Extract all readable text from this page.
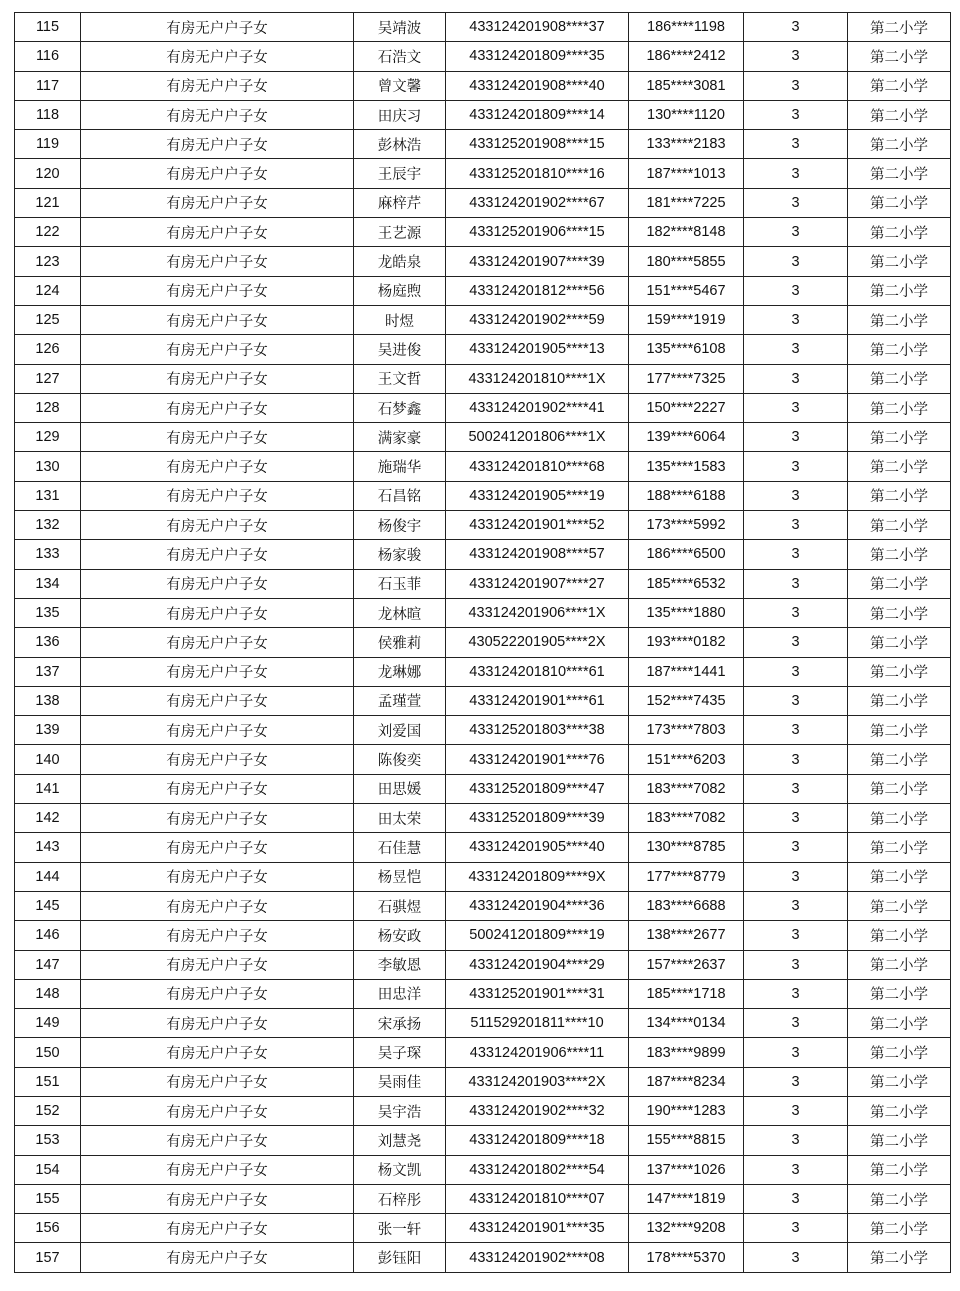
115	有房无户户子女	吴靖波	433124201908****37	186****1198	3	第二小学
116	有房无户户子女	石浩文	433124201809****35	186****2412	3	第二小学
117	有房无户户子女	曾文馨	433124201908****40	185****3081	3	第二小学
118	有房无户户子女	田庆习	433124201809****14	130****1120	3	第二小学
119	有房无户户子女	彭林浩	433125201908****15	133****2183	3	第二小学
120	有房无户户子女	王辰宇	433125201810****16	187****1013	3	第二小学
121	有房无户户子女	麻梓芹	433124201902****67	181****7225	3	第二小学
122	有房无户户子女	王艺源	433125201906****15	182****8148	3	第二小学
123	有房无户户子女	龙皓泉	433124201907****39	180****5855	3	第二小学
124	有房无户户子女	杨庭煦	433124201812****56	151****5467	3	第二小学
125	有房无户户子女	时煜	433124201902****59	159****1919	3	第二小学
126	有房无户户子女	吴进俊	433124201905****13	135****6108	3	第二小学
127	有房无户户子女	王文哲	433124201810****1X	177****7325	3	第二小学
128	有房无户户子女	石梦鑫	433124201902****41	150****2227	3	第二小学
129	有房无户户子女	满家豪	500241201806****1X	139****6064	3	第二小学
130	有房无户户子女	施瑞华	433124201810****68	135****1583	3	第二小学
131	有房无户户子女	石昌铭	433124201905****19	188****6188	3	第二小学
132	有房无户户子女	杨俊宇	433124201901****52	173****5992	3	第二小学
133	有房无户户子女	杨家骏	433124201908****57	186****6500	3	第二小学
134	有房无户户子女	石玉菲	433124201907****27	185****6532	3	第二小学
135	有房无户户子女	龙林暄	433124201906****1X	135****1880	3	第二小学
136	有房无户户子女	侯雅莉	430522201905****2X	193****0182	3	第二小学
137	有房无户户子女	龙琳娜	433124201810****61	187****1441	3	第二小学
138	有房无户户子女	孟瑾萱	433124201901****61	152****7435	3	第二小学
139	有房无户户子女	刘爱国	433125201803****38	173****7803	3	第二小学
140	有房无户户子女	陈俊奕	433124201901****76	151****6203	3	第二小学
141	有房无户户子女	田思媛	433125201809****47	183****7082	3	第二小学
142	有房无户户子女	田太荣	433125201809****39	183****7082	3	第二小学
143	有房无户户子女	石佳慧	433124201905****40	130****8785	3	第二小学
144	有房无户户子女	杨昱恺	433124201809****9X	177****8779	3	第二小学
145	有房无户户子女	石骐煜	433124201904****36	183****6688	3	第二小学
146	有房无户户子女	杨安政	500241201809****19	138****2677	3	第二小学
147	有房无户户子女	李敏恩	433124201904****29	157****2637	3	第二小学
148	有房无户户子女	田忠洋	433125201901****31	185****1718	3	第二小学
149	有房无户户子女	宋承扬	511529201811****10	134****0134	3	第二小学
150	有房无户户子女	吴子琛	433124201906****11	183****9899	3	第二小学
151	有房无户户子女	吴雨佳	433124201903****2X	187****8234	3	第二小学
152	有房无户户子女	吴宇浩	433124201902****32	190****1283	3	第二小学
153	有房无户户子女	刘慧尧	433124201809****18	155****8815	3	第二小学
154	有房无户户子女	杨文凯	433124201802****54	137****1026	3	第二小学
155	有房无户户子女	石梓彤	433124201810****07	147****1819	3	第二小学
156	有房无户户子女	张一轩	433124201901****35	132****9208	3	第二小学
157	有房无户户子女	彭钰阳	433124201902****08	178****5370	3	第二小学
